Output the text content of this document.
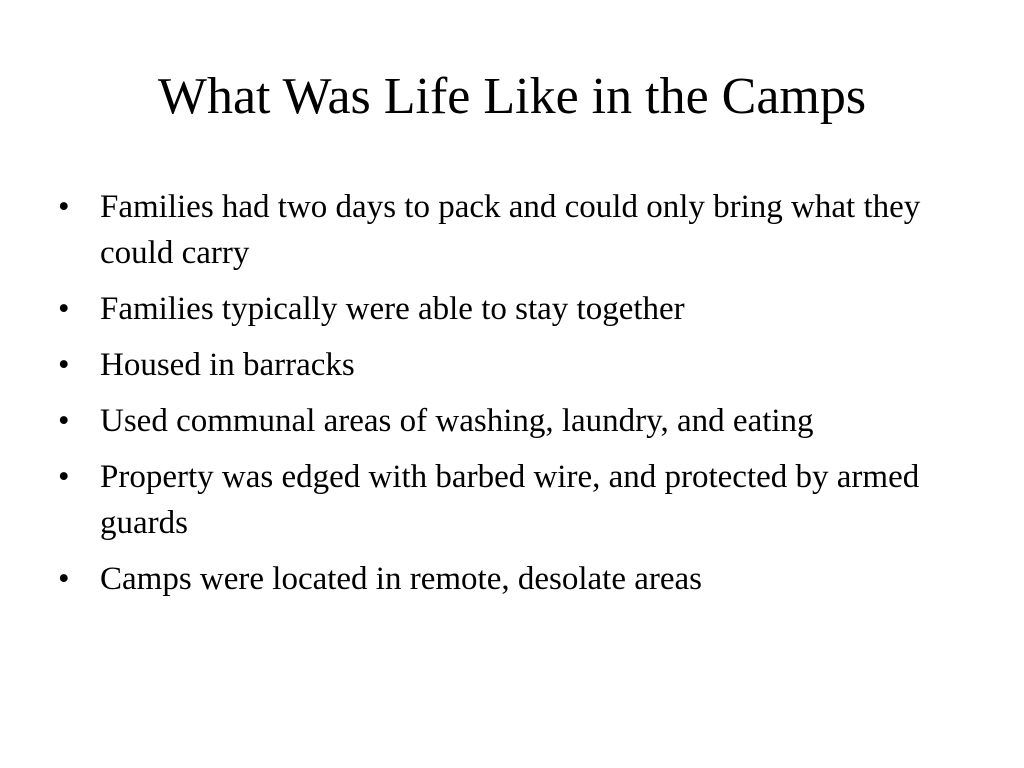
What Was Life Like in the Camps
• Families had two days to pack and could only bring what they could carry
• Families typically were able to stay together
• Housed in barracks
• Used communal areas of washing, laundry, and eating
• Property was edged with barbed wire, and protected by armed guards
• Camps were located in remote, desolate areas
